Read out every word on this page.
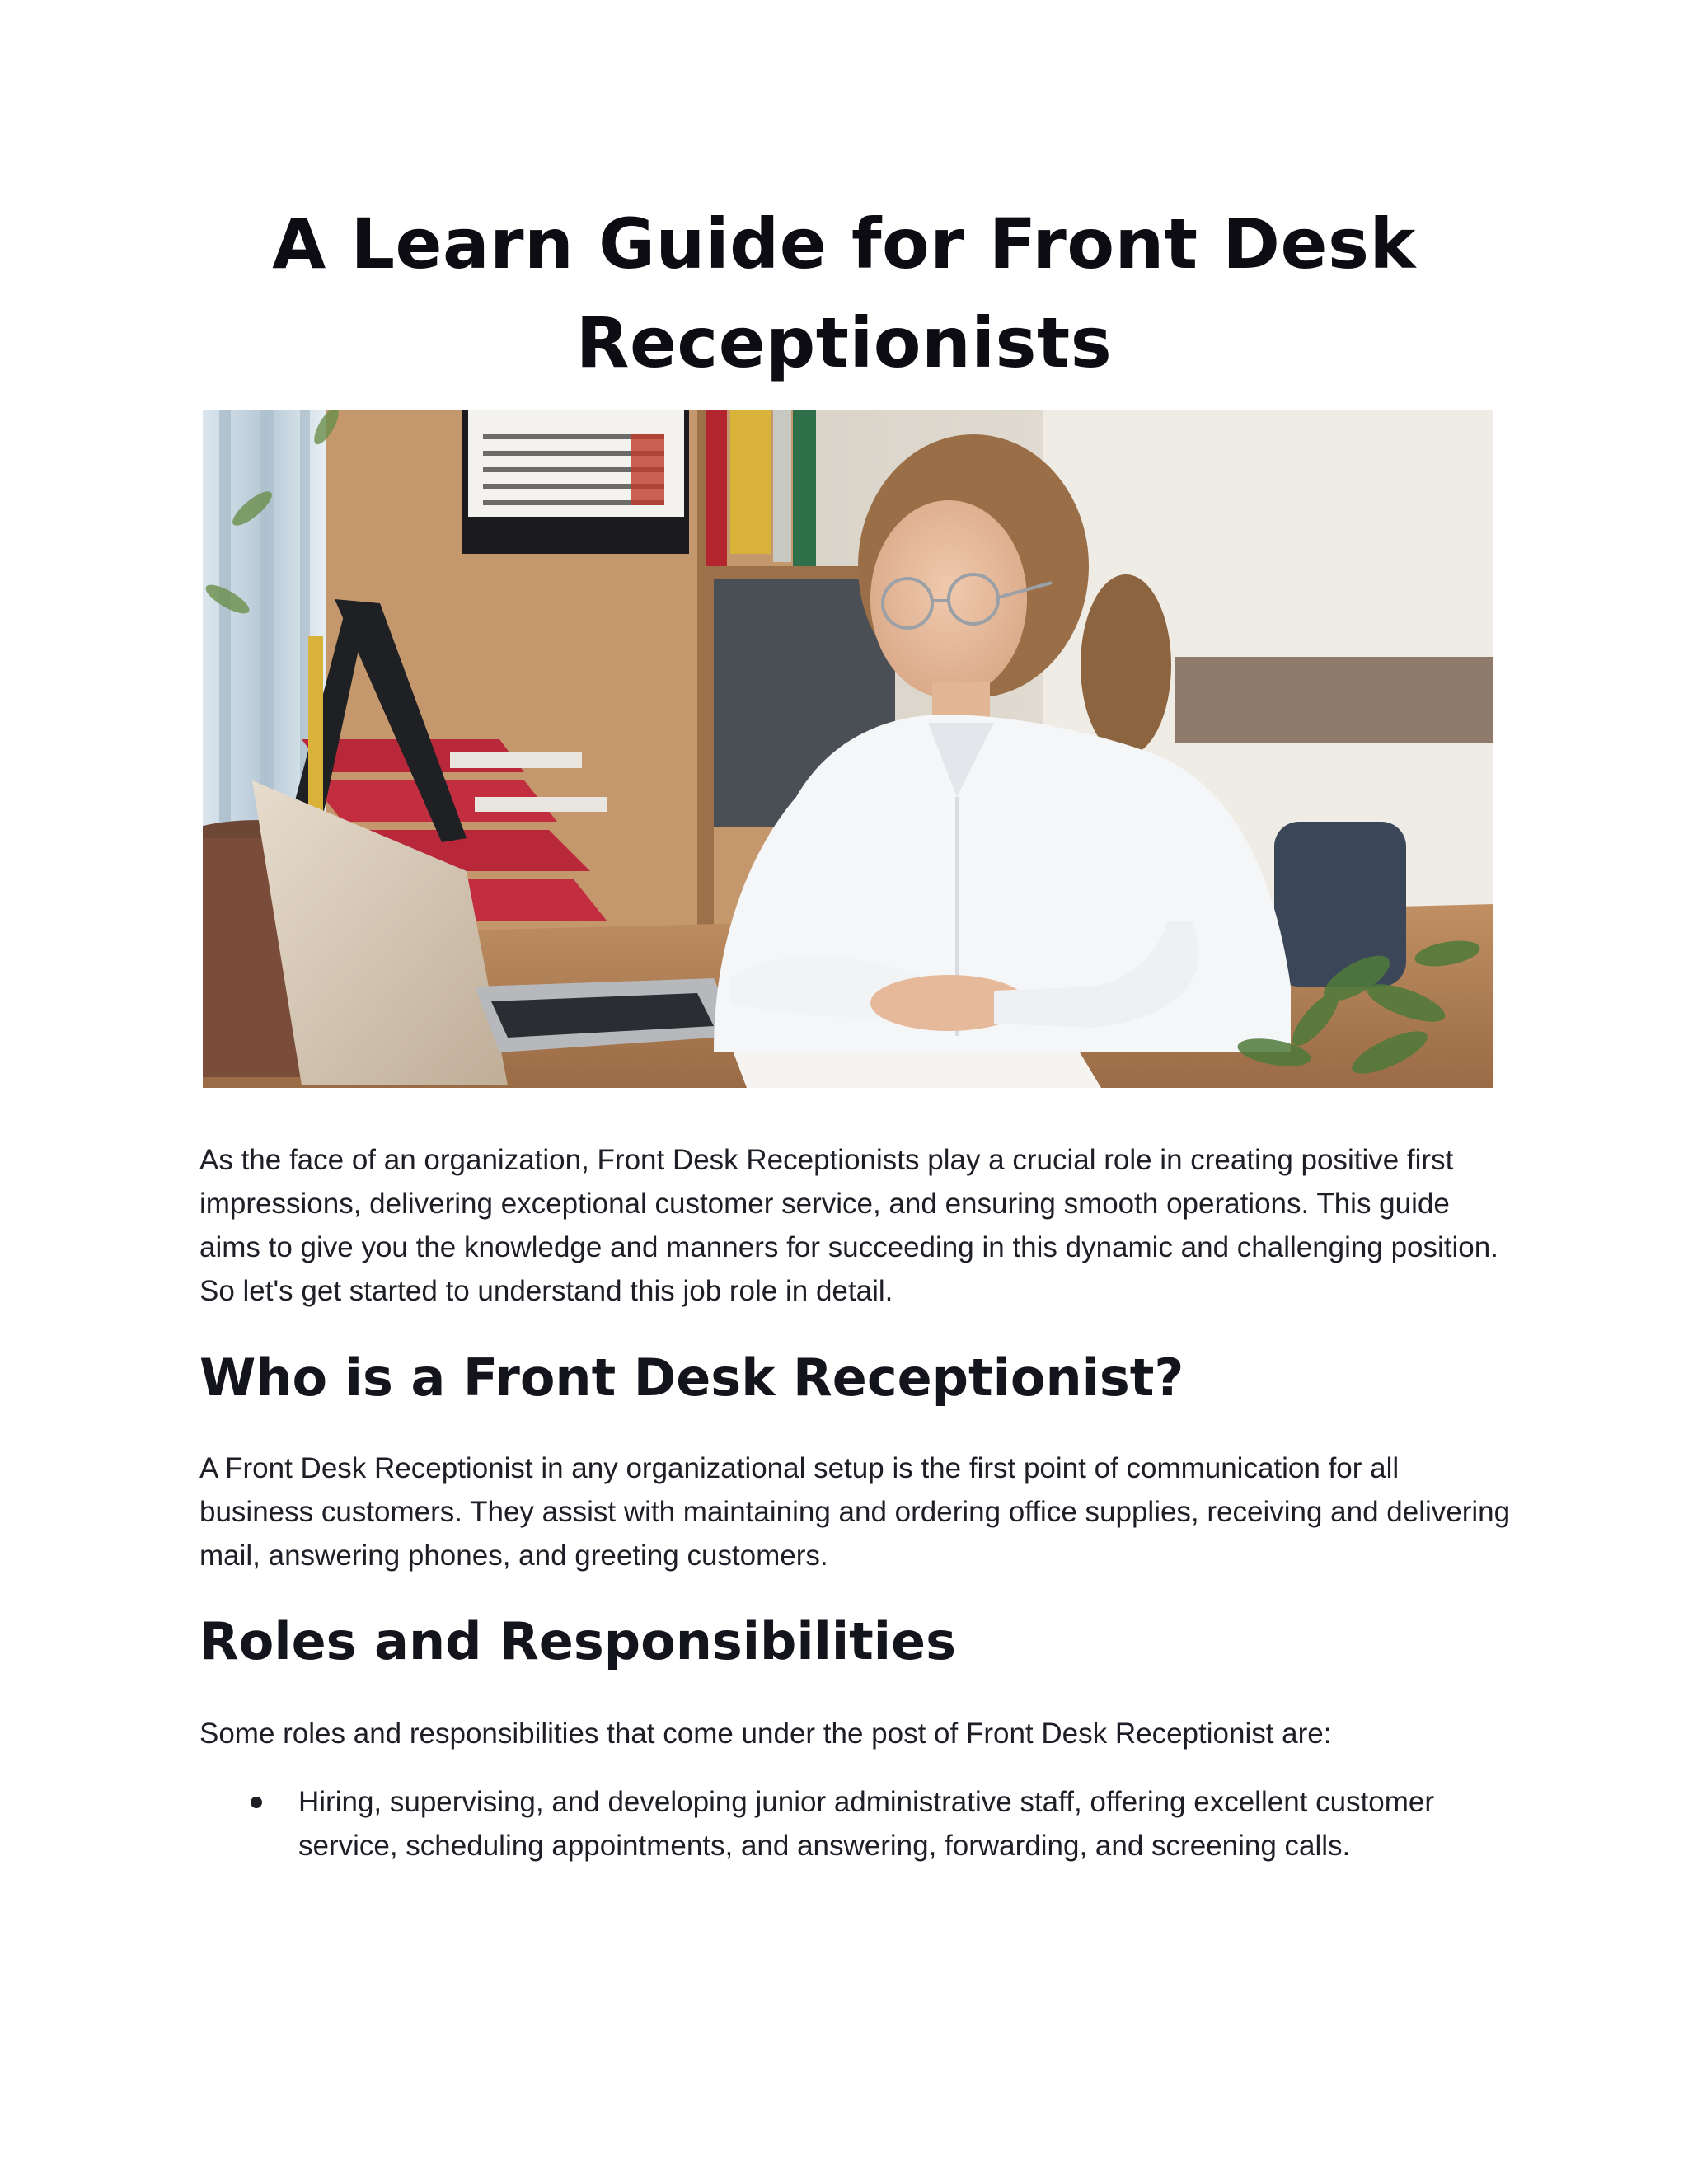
A Learn Guide for Front Desk
Receptionists

As the face of an organization, Front Desk Receptionists play a crucial role in creating positive first impressions, delivering exceptional customer service, and ensuring smooth operations. This guide aims to give you the knowledge and manners for succeeding in this dynamic and challenging position. So let's get started to understand this job role in detail.

Who is a Front Desk Receptionist?

A Front Desk Receptionist in any organizational setup is the first point of communication for all business customers. They assist with maintaining and ordering office supplies, receiving and delivering mail, answering phones, and greeting customers.

Roles and Responsibilities

Some roles and responsibilities that come under the post of Front Desk Receptionist are:

Hiring, supervising, and developing junior administrative staff, offering excellent customer service, scheduling appointments, and answering, forwarding, and screening calls.
